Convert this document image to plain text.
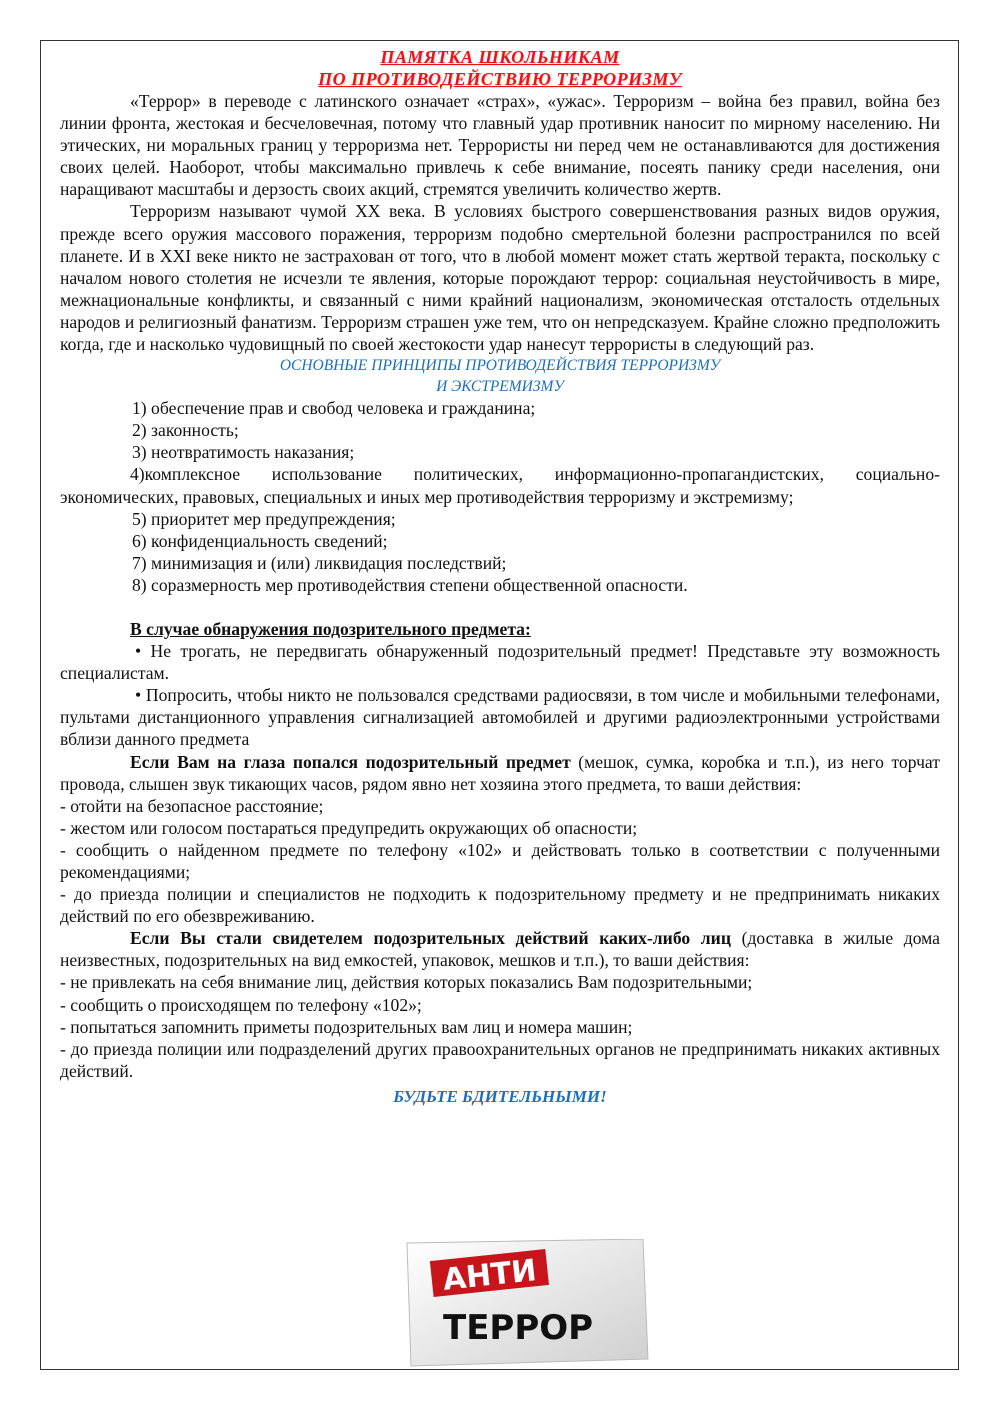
ПАМЯТКА ШКОЛЬНИКАМ
ПО ПРОТИВОДЕЙСТВИЮ ТЕРРОРИЗМУ

«Террор» в переводе с латинского означает «страх», «ужас». Терроризм – война без правил, война без линии фронта, жестокая и бесчеловечная, потому что главный удар противник наносит по мирному населению. Ни этических, ни моральных границ у терроризма нет. Террористы ни перед чем не останавливаются для достижения своих целей. Наоборот, чтобы максимально привлечь к себе внимание, посеять панику среди населения, они наращивают масштабы и дерзость своих акций, стремятся увеличить количество жертв.

Терроризм называют чумой ХХ века. В условиях быстрого совершенствования разных видов оружия, прежде всего оружия массового поражения, терроризм подобно смертельной болезни распространился по всей планете. И в XXI веке никто не застрахован от того, что в любой момент может стать жертвой теракта, поскольку с началом нового столетия не исчезли те явления, которые порождают террор: социальная неустойчивость в мире, межнациональные конфликты, и связанный с ними крайний национализм, экономическая отсталость отдельных народов и религиозный фанатизм. Терроризм страшен уже тем, что он непредсказуем. Крайне сложно предположить когда, где и насколько чудовищный по своей жестокости удар нанесут террористы в следующий раз.

ОСНОВНЫЕ ПРИНЦИПЫ ПРОТИВОДЕЙСТВИЯ ТЕРРОРИЗМУ
И ЭКСТРЕМИЗМУ

1) обеспечение прав и свобод человека и гражданина;

2) законность;

3) неотвратимость наказания;

4)комплексное использование политических, информационно-пропагандистских, социально-экономических, правовых, специальных и иных мер противодействия терроризму и экстремизму;

5) приоритет мер предупреждения;

6) конфиденциальность сведений;

7) минимизация и (или) ликвидация последствий;

8) соразмерность мер противодействия степени общественной опасности.

В случае обнаружения подозрительного предмета:

• Не трогать, не передвигать обнаруженный подозрительный предмет! Представьте эту возможность специалистам.

• Попросить, чтобы никто не пользовался средствами радиосвязи, в том числе и мобильными телефонами, пультами дистанционного управления сигнализацией автомобилей и другими радиоэлектронными устройствами вблизи данного предмета

Если Вам на глаза попался подозрительный предмет (мешок, сумка, коробка и т.п.), из него торчат провода, слышен звук тикающих часов, рядом явно нет хозяина этого предмета, то ваши действия:

- отойти на безопасное расстояние;

- жестом или голосом постараться предупредить окружающих об опасности;

- сообщить о найденном предмете по телефону «102» и действовать только в соответствии с полученными рекомендациями;

- до приезда полиции и специалистов не подходить к подозрительному предмету и не предпринимать никаких действий по его обезвреживанию.

Если Вы стали свидетелем подозрительных действий каких-либо лиц (доставка в жилые дома неизвестных, подозрительных на вид емкостей, упаковок, мешков и т.п.), то ваши действия:

- не привлекать на себя внимание лиц, действия которых показались Вам подозрительными;

- сообщить о происходящем по телефону «102»;

- попытаться запомнить приметы подозрительных вам лиц и номера машин;

- до приезда полиции или подразделений других правоохранительных органов не предпринимать никаких активных действий.

БУДЬТЕ БДИТЕЛЬНЫМИ!
АНТИ
ТЕРРОР
